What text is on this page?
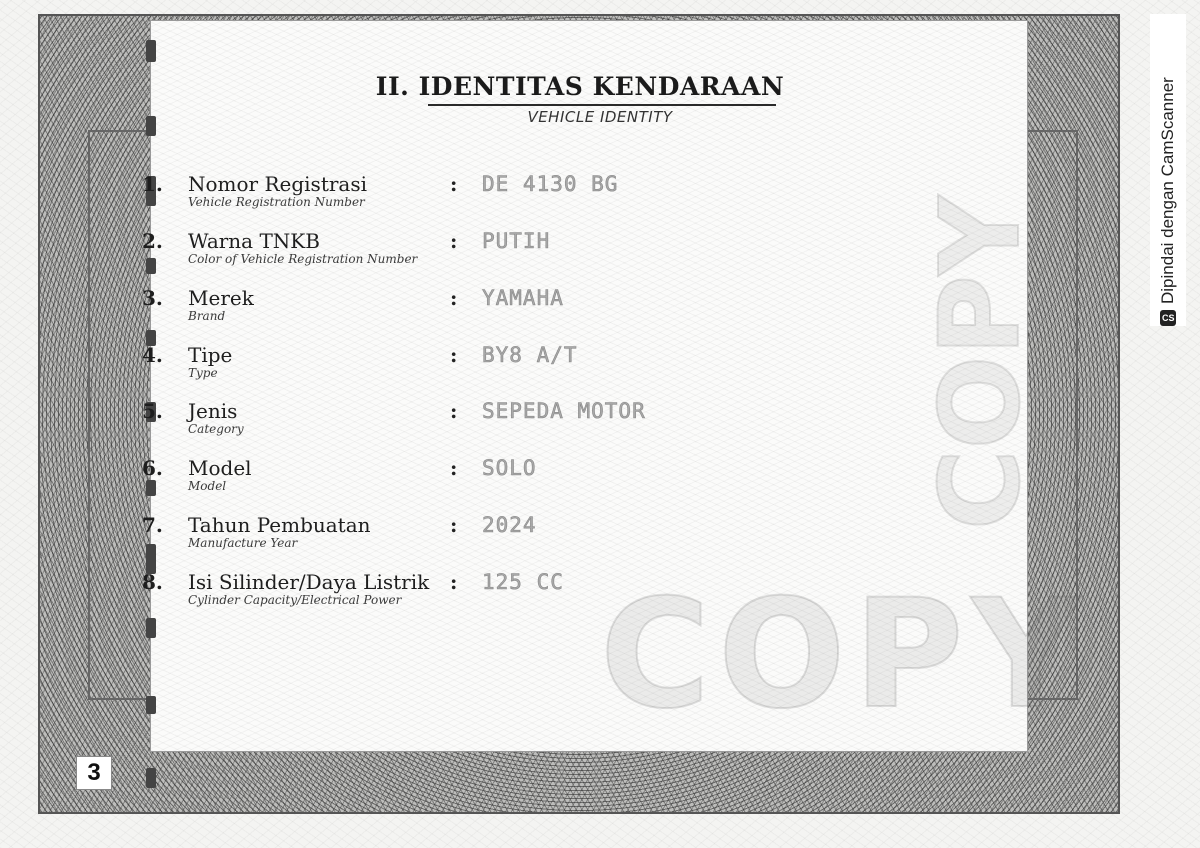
COPY
COPY
II. IDENTITAS KENDARAAN
VEHICLE IDENTITY
1.	Nomor Registrasi
Vehicle Registration Number
:	DE 4130 BG
2.	Warna TNKB
Color of Vehicle Registration Number
:	PUTIH
3.	Merek
Brand
:	YAMAHA
4.	Tipe
Type
:	BY8 A/T
5.	Jenis
Category
:	SEPEDA MOTOR
6.	Model
Model
:	SOLO
7.	Tahun Pembuatan
Manufacture Year
:	2024
8.	Isi Silinder/Daya Listrik
Cylinder Capacity/Electrical Power
:	125 CC
3
CS
Dipindai dengan CamScanner
